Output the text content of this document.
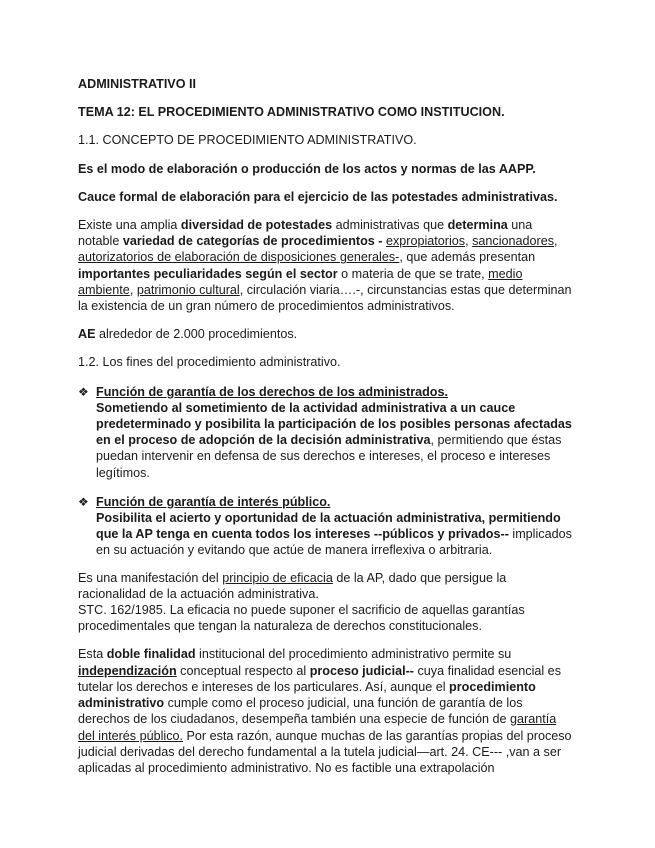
ADMINISTRATIVO II

TEMA 12: EL PROCEDIMIENTO ADMINISTRATIVO COMO INSTITUCION.

1.1. CONCEPTO DE PROCEDIMIENTO ADMINISTRATIVO.

Es el modo de elaboración o producción de los actos y normas de las AAPP.

Cauce formal de elaboración para el ejercicio de las potestades administrativas.

Existe una amplia diversidad de potestades administrativas que determina una notable variedad de categorías de procedimientos - expropiatorios, sancionadores, autorizatorios de elaboración de disposiciones generales-, que además presentan importantes peculiaridades según el sector o materia de que se trate, medio ambiente, patrimonio cultural, circulación viaria….-, circunstancias estas que determinan la existencia de un gran número de procedimientos administrativos.

AE alrededor de 2.000 procedimientos.

1.2. Los fines del procedimiento administrativo.

❖ Función de garantía de los derechos de los administrados.

Sometiendo al sometimiento de la actividad administrativa a un cauce predeterminado y posibilita la participación de los posibles personas afectadas en el proceso de adopción de la decisión administrativa, permitiendo que éstas puedan intervenir en defensa de sus derechos e intereses, el proceso e intereses legítimos.

❖ Función de garantía de interés público.

Posibilita el acierto y oportunidad de la actuación administrativa, permitiendo que la AP tenga en cuenta todos los intereses --públicos y privados-- implicados en su actuación y evitando que actúe de manera irreflexiva o arbitraria.

Es una manifestación del principio de eficacia de la AP, dado que persigue la racionalidad de la actuación administrativa.

STC. 162/1985. La eficacia no puede suponer el sacrificio de aquellas garantías procedimentales que tengan la naturaleza de derechos constitucionales.

Esta doble finalidad institucional del procedimiento administrativo permite su independización conceptual respecto al proceso judicial-- cuya finalidad esencial es tutelar los derechos e intereses de los particulares. Así, aunque el procedimiento administrativo cumple como el proceso judicial, una función de garantía de los derechos de los ciudadanos, desempeña también una especie de función de garantía del interés público. Por esta razón, aunque muchas de las garantías propias del proceso judicial derivadas del derecho fundamental a la tutela judicial—art. 24. CE--- ,van a ser aplicadas al procedimiento administrativo. No es factible una extrapolación
